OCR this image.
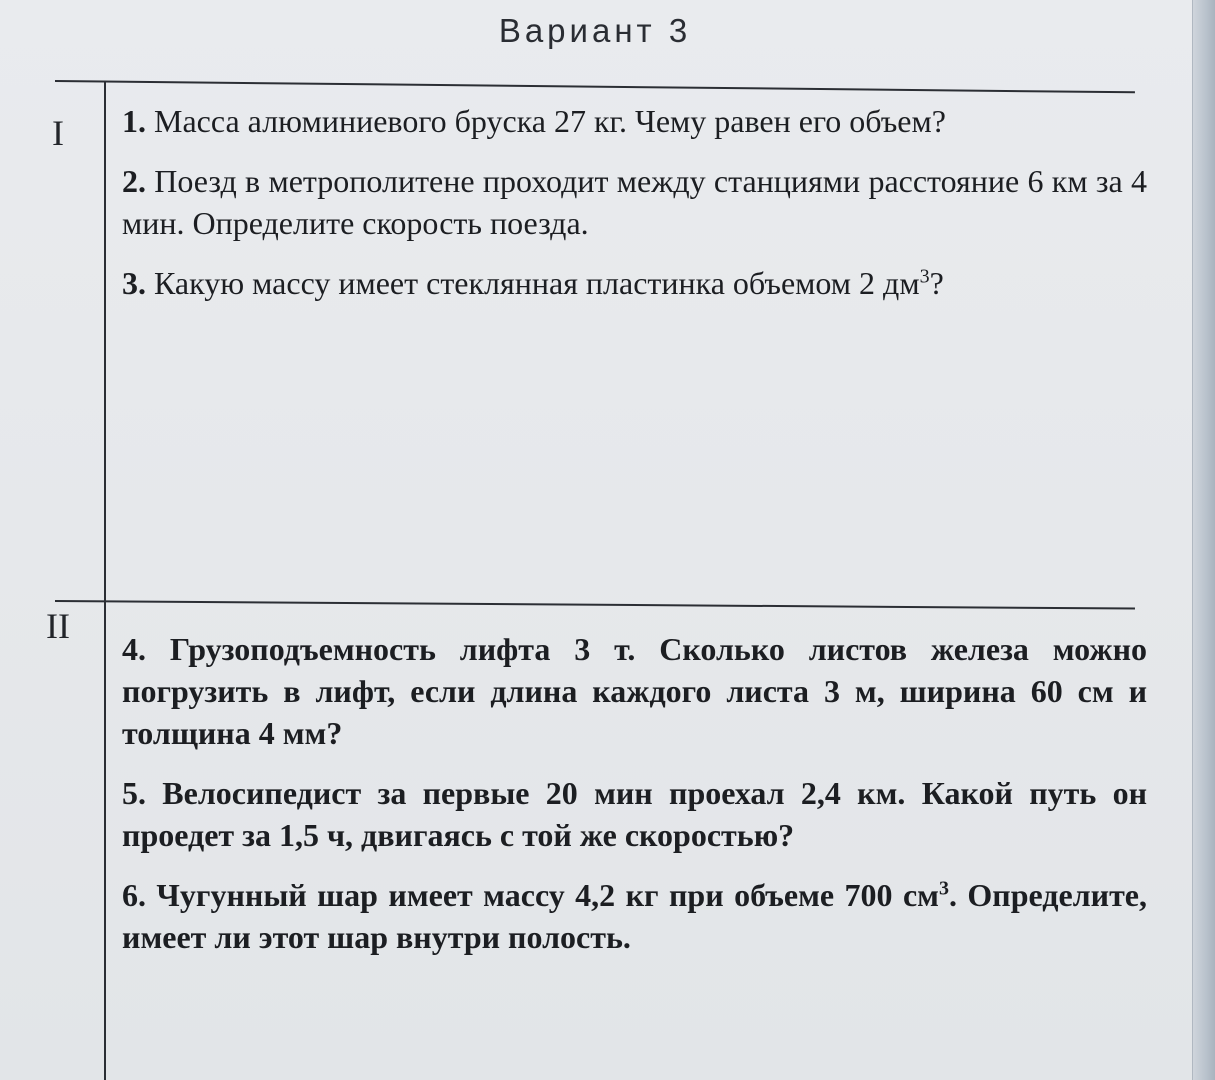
Вариант 3
I 1. Масса алюминиевого бруска 27 кг. Чему равен его объем?

2. Поезд в метрополитене проходит между станциями расстояние 6 км за 4 мин. Определите скорость поезда.

3. Какую массу имеет стеклянная пластинка объемом 2 $дм^3$?

II

4. Грузоподъемность лифта 3 т. Сколько листов железа можно погрузить в лифт, если длина каждого листа 3 м, ширина 60 см и толщина 4 мм?

5. Велосипедист за первые 20 мин проехал 2,4 км. Какой путь он проедет за 1,5 ч, двигаясь с той же скоростью?

6. Чугунный шар имеет массу 4,2 кг при объеме 700 $см^3$. Определите, имеет ли этот шар внутри полость.
